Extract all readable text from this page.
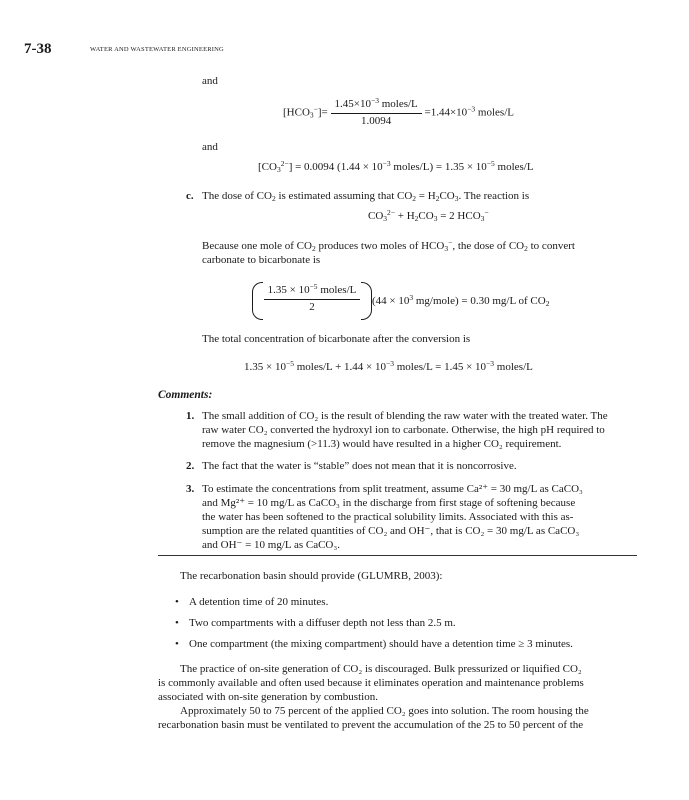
7-38	WATER AND WASTEWATER ENGINEERING
and
$[HCO_3^-]= \frac{1.45\times 10^{-3} moles/L}{1.0094} =1.44\times 10^{-3}$ moles/L
and
$[CO_3^{2-}] = 0.0094$ ($1.44 \times 10^{-3}$ moles/L) = $1.35 \times 10^{-5}$ moles/L
c. The dose of $CO_2$ is estimated assuming that $CO_2 = H_2CO_3$. The reaction is
$CO_3^{2-} + H_2CO_3 = 2$ $HCO_3^-$
Because one mole of $CO_2$ produces two moles of $HCO_3^-$, the dose of $CO_2$ to convert
carbonate to bicarbonate is
$\frac{1.35 \times 10^{-5} moles/L}{2} (44 \times 10^3$ mg/mole) = 0.30 mg/L of $CO_2$
The total concentration of bicarbonate after the conversion is
$1.35 \times 10^{-5}$ moles/L + $1.44 \times 10^{-3}$ moles/L = $1.45 \times 10^{-3}$ moles/L
Comments:
1. The small addition of CO₂ is the result of blending the raw water with the treated water. The
raw water CO₂ converted the hydroxyl ion to carbonate. Otherwise, the high pH required to
remove the magnesium (>11.3) would have resulted in a higher CO₂ requirement.
2. The fact that the water is “stable” does not mean that it is noncorrosive.
3. To estimate the concentrations from split treatment, assume Ca²⁺ = 30 mg/L as CaCO₃
and Mg²⁺ = 10 mg/L as CaCO₃ in the discharge from first stage of softening because
the water has been softened to the practical solubility limits. Associated with this as-
sumption are the related quantities of CO₂ and OH⁻, that is CO₂ = 30 mg/L as CaCO₃
and OH⁻ = 10 mg/L as CaCO₃.
The recarbonation basin should provide (GLUMRB, 2003):
• A detention time of 20 minutes.
• Two compartments with a diffuser depth not less than 2.5 m.
• One compartment (the mixing compartment) should have a detention time ≥ 3 minutes.
The practice of on-site generation of CO₂ is discouraged. Bulk pressurized or liquified CO₂
is commonly available and often used because it eliminates operation and maintenance problems
associated with on-site generation by combustion.
Approximately 50 to 75 percent of the applied CO₂ goes into solution. The room housing the
recarbonation basin must be ventilated to prevent the accumulation of the 25 to 50 percent of the
